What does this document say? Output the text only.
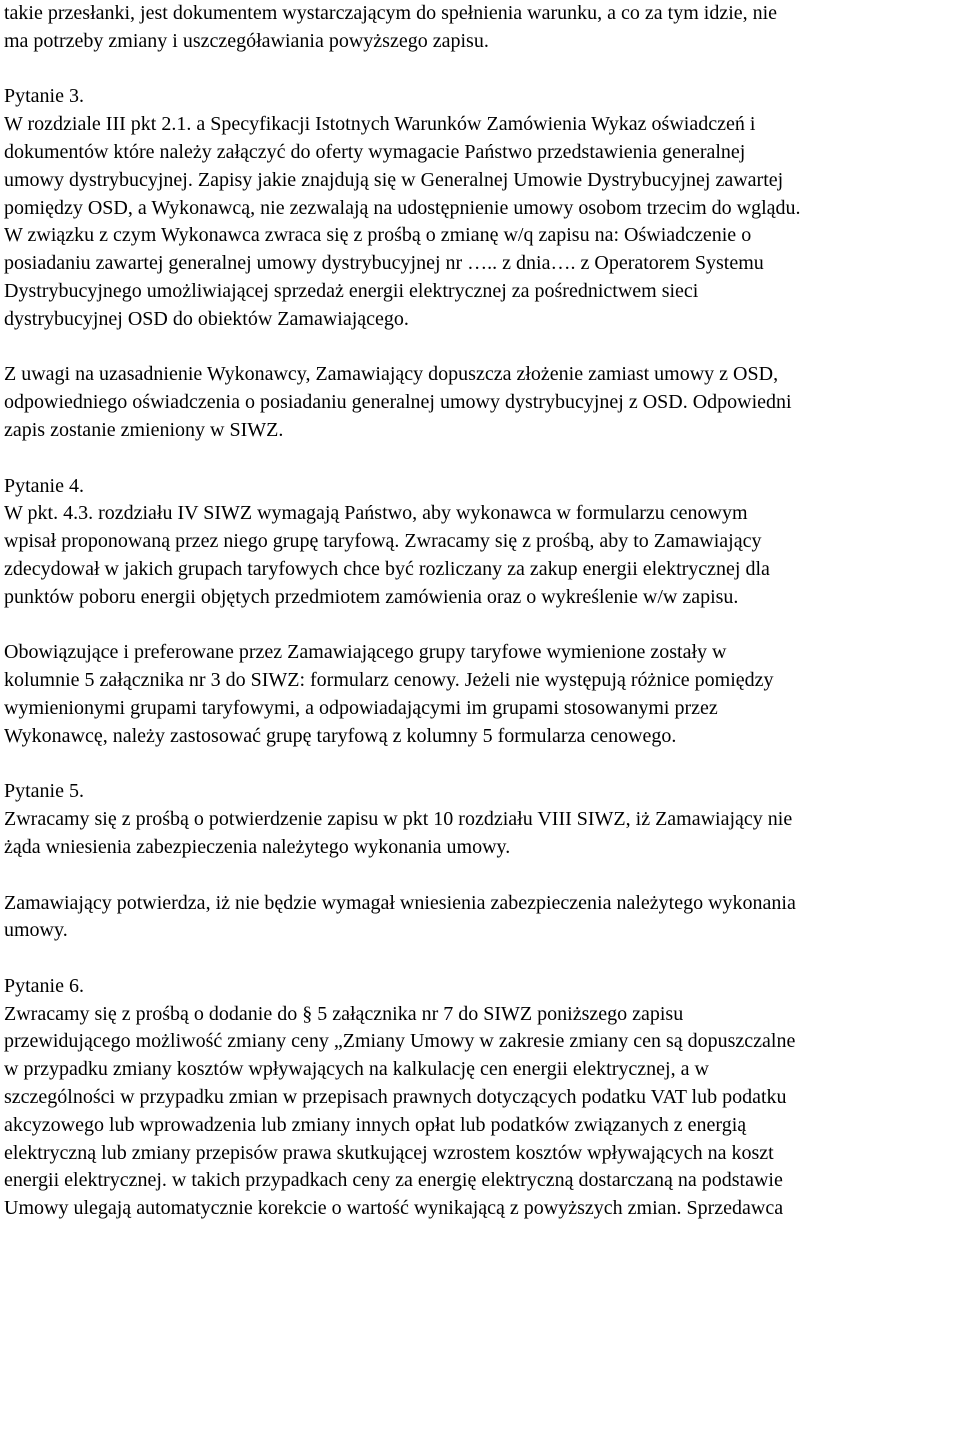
takie przesłanki, jest dokumentem wystarczającym do spełnienia warunku, a co za tym idzie, nie
ma potrzeby zmiany i uszczegóławiania powyższego zapisu.
Pytanie 3.
W rozdziale III pkt 2.1. a Specyfikacji Istotnych Warunków Zamówienia Wykaz oświadczeń i
dokumentów które należy załączyć do oferty wymagacie Państwo przedstawienia generalnej
umowy dystrybucyjnej. Zapisy jakie znajdują się w Generalnej Umowie Dystrybucyjnej zawartej
pomiędzy OSD, a Wykonawcą, nie zezwalają na udostępnienie umowy osobom trzecim do wglądu.
W związku z czym Wykonawca zwraca się z prośbą o zmianę w/q zapisu na: Oświadczenie o
posiadaniu zawartej generalnej umowy dystrybucyjnej nr ….. z dnia…. z Operatorem Systemu
Dystrybucyjnego umożliwiającej sprzedaż energii elektrycznej za pośrednictwem sieci
dystrybucyjnej OSD do obiektów Zamawiającego.
Z uwagi na uzasadnienie Wykonawcy, Zamawiający dopuszcza złożenie zamiast umowy z OSD,
odpowiedniego oświadczenia o posiadaniu generalnej umowy dystrybucyjnej z OSD. Odpowiedni
zapis zostanie zmieniony w SIWZ.
Pytanie 4.
W pkt. 4.3. rozdziału IV SIWZ wymagają Państwo, aby wykonawca w formularzu cenowym
wpisał proponowaną przez niego grupę taryfową. Zwracamy się z prośbą, aby to Zamawiający
zdecydował w jakich grupach taryfowych chce być rozliczany za zakup energii elektrycznej dla
punktów poboru energii objętych przedmiotem zamówienia oraz o wykreślenie w/w zapisu.
Obowiązujące i preferowane przez Zamawiającego grupy taryfowe wymienione zostały w
kolumnie 5 załącznika nr 3 do SIWZ: formularz cenowy. Jeżeli nie występują różnice pomiędzy
wymienionymi grupami taryfowymi, a odpowiadającymi im grupami stosowanymi przez
Wykonawcę, należy zastosować grupę taryfową z kolumny 5 formularza cenowego.
Pytanie 5.
Zwracamy się z prośbą o potwierdzenie zapisu w pkt 10 rozdziału VIII SIWZ, iż Zamawiający nie
żąda wniesienia zabezpieczenia należytego wykonania umowy.
Zamawiający potwierdza, iż nie będzie wymagał wniesienia zabezpieczenia należytego wykonania
umowy.
Pytanie 6.
Zwracamy się z prośbą o dodanie do § 5 załącznika nr 7 do SIWZ poniższego zapisu
przewidującego możliwość zmiany ceny „Zmiany Umowy w zakresie zmiany cen są dopuszczalne
w przypadku zmiany kosztów wpływających na kalkulację cen energii elektrycznej, a w
szczególności w przypadku zmian w przepisach prawnych dotyczących podatku VAT lub podatku
akcyzowego lub wprowadzenia lub zmiany innych opłat lub podatków związanych z energią
elektryczną lub zmiany przepisów prawa skutkującej wzrostem kosztów wpływających na koszt
energii elektrycznej. w takich przypadkach ceny za energię elektryczną dostarczaną na podstawie
Umowy ulegają automatycznie korekcie o wartość wynikającą z powyższych zmian. Sprzedawca
